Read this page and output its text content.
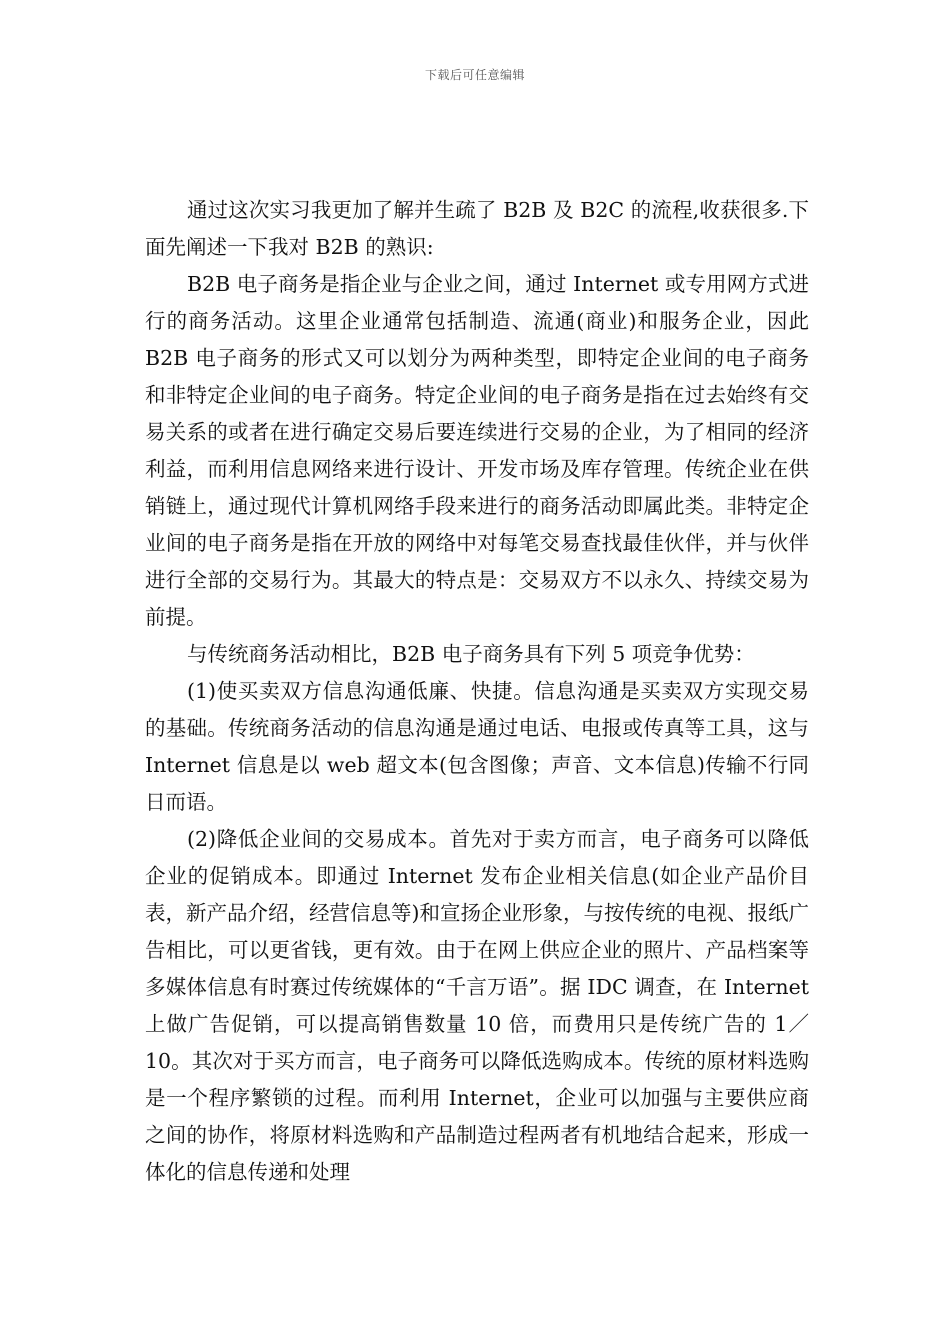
下载后可任意编辑

通过这次实习我更加了解并生疏了 B2B 及 B2C 的流程,收获很多.下面先阐述一下我对 B2B 的熟识:

B2B 电子商务是指企业与企业之间，通过 Internet 或专用网方式进行的商务活动。这里企业通常包括制造、流通(商业)和服务企业，因此 B2B 电子商务的形式又可以划分为两种类型，即特定企业间的电子商务和非特定企业间的电子商务。特定企业间的电子商务是指在过去始终有交易关系的或者在进行确定交易后要连续进行交易的企业，为了相同的经济利益，而利用信息网络来进行设计、开发市场及库存管理。传统企业在供销链上，通过现代计算机网络手段来进行的商务活动即属此类。非特定企业间的电子商务是指在开放的网络中对每笔交易查找最佳伙伴，并与伙伴进行全部的交易行为。其最大的特点是：交易双方不以永久、持续交易为前提。

与传统商务活动相比，B2B 电子商务具有下列 5 项竞争优势：

(1)使买卖双方信息沟通低廉、快捷。信息沟通是买卖双方实现交易的基础。传统商务活动的信息沟通是通过电话、电报或传真等工具，这与 Internet 信息是以 web 超文本(包含图像；声音、文本信息)传输不行同日而语。

(2)降低企业间的交易成本。首先对于卖方而言，电子商务可以降低企业的促销成本。即通过 Internet 发布企业相关信息(如企业产品价目表，新产品介绍，经营信息等)和宣扬企业形象，与按传统的电视、报纸广告相比，可以更省钱，更有效。由于在网上供应企业的照片、产品档案等多媒体信息有时赛过传统媒体的“千言万语”。据 IDC 调查，在 Internet 上做广告促销，可以提高销售数量 10 倍，而费用只是传统广告的 1／10。其次对于买方而言，电子商务可以降低选购成本。传统的原材料选购是一个程序繁锁的过程。而利用 Internet，企业可以加强与主要供应商之间的协作，将原材料选购和产品制造过程两者有机地结合起来，形成一体化的信息传递和处理
